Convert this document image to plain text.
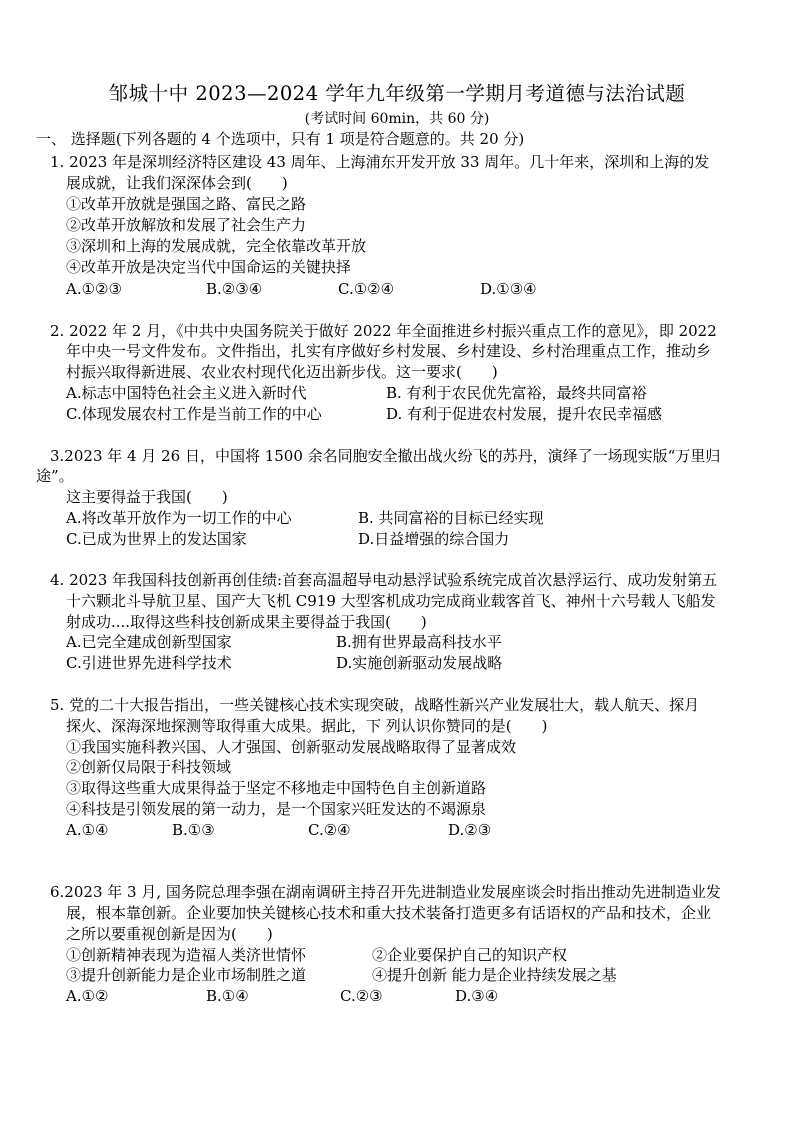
邹城十中 2023—2024 学年九年级第一学期月考道德与法治试题
(考试时间 60min，共 60 分)
一、 选择题(下列各题的 4 个选项中，只有 1 项是符合题意的。共 20 分)
1. 2023 年是深圳经济特区建设 43 周年、上海浦东开发开放 33 周年。几十年来，深圳和上海的发
展成就，让我们深深体会到(　　)
①改革开放就是强国之路、富民之路
②改革开放解放和发展了社会生产力
③深圳和上海的发展成就，完全依靠改革开放
④改革开放是决定当代中国命运的关键抉择
A.①②③	B.②③④	C.①②④	D.①③④
2. 2022 年 2 月，《中共中央国务院关于做好 2022 年全面推进乡村振兴重点工作的意见》，即 2022
年中央一号文件发布。文件指出，扎实有序做好乡村发展、乡村建设、乡村治理重点工作，推动乡
村振兴取得新进展、农业农村现代化迈出新步伐。这一要求(　　)
A.标志中国特色社会主义进入新时代	B. 有利于农民优先富裕，最终共同富裕
C.体现发展农村工作是当前工作的中心	D. 有利于促进农村发展，提升农民幸福感
3.2023 年 4 月 26 日，中国将 1500 余名同胞安全撤出战火纷飞的苏丹，演绎了一场现实版“万里归
途”。
这主要得益于我国(　　)
A.将改革开放作为一切工作的中心	B. 共同富裕的目标已经实现
C.已成为世界上的发达国家	D.日益增强的综合国力
4. 2023 年我国科技创新再创佳绩:首套高温超导电动悬浮试验系统完成首次悬浮运行、成功发射第五
十六颗北斗导航卫星、国产大飞机 C919 大型客机成功完成商业载客首飞、神州十六号载人飞船发
射成功....取得这些科技创新成果主要得益于我国(　　)
A.已完全建成创新型国家	B.拥有世界最高科技水平
C.引进世界先进科学技术	D.实施创新驱动发展战略
5. 党的二十大报告指出，一些关键核心技术实现突破，战略性新兴产业发展壮大，载人航天、探月
探火、深海深地探测等取得重大成果。据此，下 列认识你赞同的是(　　)
①我国实施科教兴国、人才强国、创新驱动发展战略取得了显著成效
②创新仅局限于科技领域
③取得这些重大成果得益于坚定不移地走中国特色自主创新道路
④科技是引领发展的第一动力，是一个国家兴旺发达的不竭源泉
A.①④	B.①③	C.②④	D.②③
6.2023 年 3 月, 国务院总理李强在湖南调研主持召开先进制造业发展座谈会时指出推动先进制造业发
展，根本靠创新。企业要加快关键核心技术和重大技术装备打造更多有话语权的产品和技术，企业
之所以要重视创新是因为(　　)
①创新精神表现为造福人类济世情怀	②企业要保护自己的知识产权
③提升创新能力是企业市场制胜之道	④提升创新 能力是企业持续发展之基
A.①②	B.①④	C.②③	D.③④
